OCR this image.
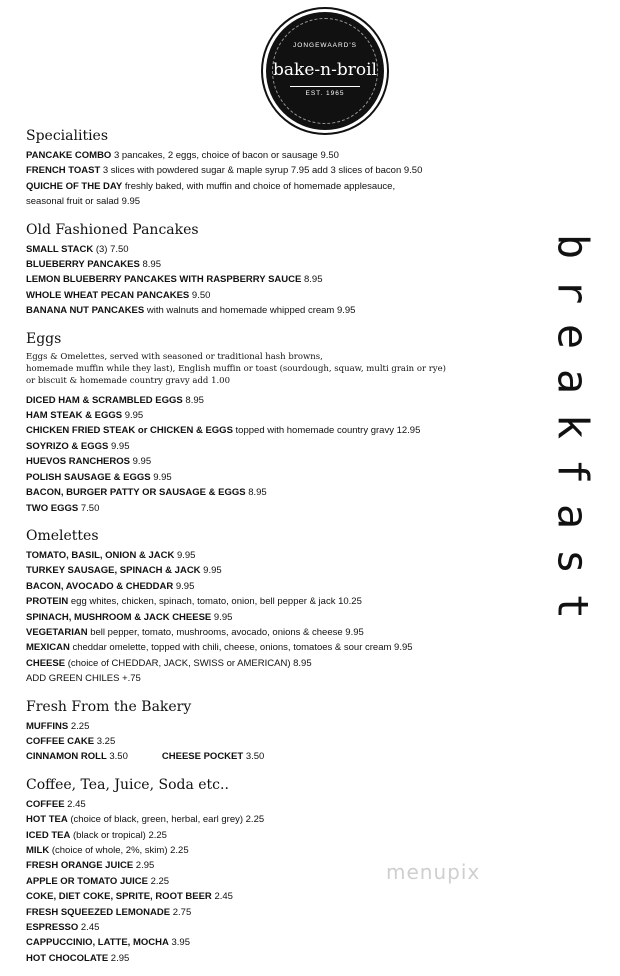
JONGEWAARD'S
bake-n-broil
EST. 1965
Specialities
PANCAKE COMBO 3 pancakes, 2 eggs, choice of bacon or sausage 9.50
FRENCH TOAST 3 slices with powdered sugar & maple syrup 7.95 add 3 slices of bacon 9.50
QUICHE OF THE DAY freshly baked, with muffin and choice of homemade applesauce,
seasonal fruit or salad 9.95
Old Fashioned Pancakes
SMALL STACK (3) 7.50
BLUEBERRY PANCAKES 8.95
LEMON BLUEBERRY PANCAKES WITH RASPBERRY SAUCE 8.95
WHOLE WHEAT PECAN PANCAKES 9.50
BANANA NUT PANCAKES with walnuts and homemade whipped cream 9.95
Eggs
Eggs & Omelettes, served with seasoned or traditional hash browns,
homemade muffin while they last), English muffin or toast (sourdough, squaw, multi grain or rye)
or biscuit & homemade country gravy add 1.00
DICED HAM & SCRAMBLED EGGS 8.95
HAM STEAK & EGGS 9.95
CHICKEN FRIED STEAK or CHICKEN & EGGS topped with homemade country gravy 12.95
SOYRIZO & EGGS 9.95
HUEVOS RANCHEROS 9.95
POLISH SAUSAGE & EGGS 9.95
BACON, BURGER PATTY OR SAUSAGE & EGGS 8.95
TWO EGGS 7.50
Omelettes
TOMATO, BASIL, ONION & JACK 9.95
TURKEY SAUSAGE, SPINACH & JACK 9.95
BACON, AVOCADO & CHEDDAR 9.95
PROTEIN egg whites, chicken, spinach, tomato, onion, bell pepper & jack 10.25
SPINACH, MUSHROOM & JACK CHEESE 9.95
VEGETARIAN bell pepper, tomato, mushrooms, avocado, onions & cheese 9.95
MEXICAN cheddar omelette, topped with chili, cheese, onions, tomatoes & sour cream 9.95
CHEESE (choice of CHEDDAR, JACK, SWISS or AMERICAN) 8.95
ADD GREEN CHILES +.75
Fresh From the Bakery
MUFFINS 2.25
COFFEE CAKE 3.25
CINNAMON ROLL 3.50	CHEESE POCKET 3.50
Coffee, Tea, Juice, Soda etc..
COFFEE 2.45
HOT TEA (choice of black, green, herbal, earl grey) 2.25
ICED TEA (black or tropical) 2.25
MILK (choice of whole, 2%, skim) 2.25
FRESH ORANGE JUICE 2.95
APPLE OR TOMATO JUICE 2.25
COKE, DIET COKE, SPRITE, ROOT BEER 2.45
FRESH SQUEEZED LEMONADE 2.75
ESPRESSO 2.45
CAPPUCCINIO, LATTE, MOCHA 3.95
HOT CHOCOLATE 2.95
b
r
e
a
k
f
a
s
t
menupix
